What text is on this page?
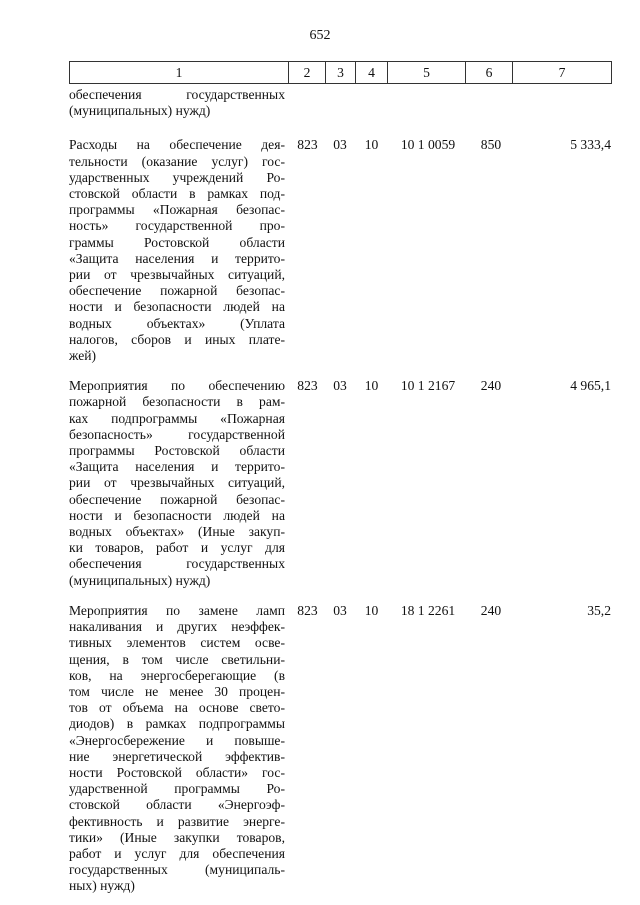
652
1	2	3	4	5	6	7
обеспечения государственных
(муниципальных) нужд)
Расходы на обеспечение дея-
тельности (оказание услуг) гос-
ударственных учреждений Ро-
стовской области в рамках под-
программы «Пожарная безопас-
ность» государственной про-
граммы Ростовской области
«Защита населения и террито-
рии от чрезвычайных ситуаций,
обеспечение пожарной безопас-
ности и безопасности людей на
водных объектах» (Уплата
налогов, сборов и иных плате-
жей)
823	03	10	10 1 0059	850	5 333,4
Мероприятия по обеспечению
пожарной безопасности в рам-
ках подпрограммы «Пожарная
бeзопасность» государственной
программы Ростовской области
«Защита населения и террито-
рии от чрезвычайных ситуаций,
обеспечение пожарной безопас-
ности и безопасности людей на
водных объектах» (Иные закуп-
ки товаров, работ и услуг для
обеспечения государственных
(муниципальных) нужд)
823	03	10	10 1 2167	240	4 965,1
Мероприятия по замене ламп
накаливания и других неэффек-
тивных элементов систем осве-
щения, в том числе светильни-
ков, на энергосберегающие (в
том числе не менее 30 процен-
тов от объема на основе свето-
диодов) в рамках подпрограммы
«Энергосбережение и повыше-
ние энергетической эффектив-
ности Ростовской области» гос-
ударственной программы Ро-
стовской области «Энергоэф-
фективность и развитие энерге-
тики» (Иные закупки товаров,
работ и услуг для обеспечения
государственных (муниципаль-
ных) нужд)
823	03	10	18 1 2261	240	35,2
